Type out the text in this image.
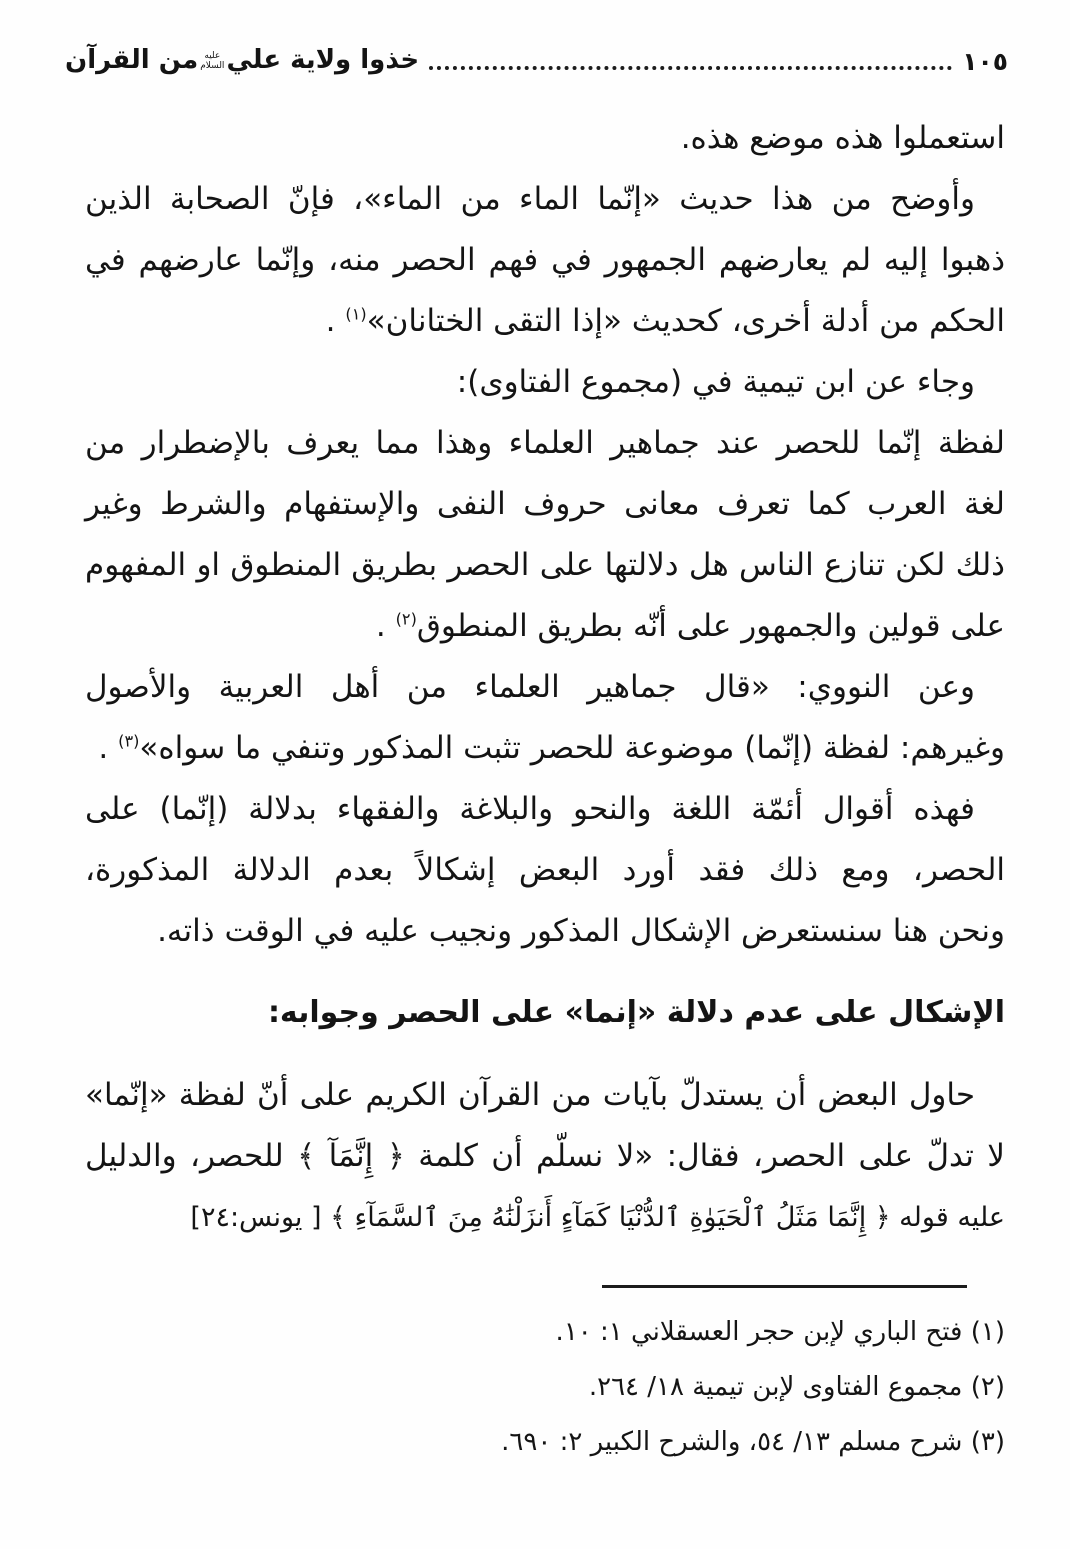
١٠٥
خذوا ولاية علي
عليه
السلام
من القرآن
استعملوا هذه موضع هذه.
وأوضح من هذا حديث «إنّما الماء من الماء»، فإنّ الصحابة الذين
ذهبوا إليه لم يعارضهم الجمهور في فهم الحصر منه، وإنّما عارضهم في
الحكم من أدلة أخرى، كحديث «إذا التقى الختانان»$^{(١)}$ .
وجاء عن ابن تيمية في (مجموع الفتاوى):
لفظة إنّما للحصر عند جماهير العلماء وهذا مما يعرف بالإضطرار من
لغة العرب كما تعرف معانى حروف النفى والإستفهام والشرط وغير
ذلك لكن تنازع الناس هل دلالتها على الحصر بطريق المنطوق او المفهوم
على قولين والجمهور على أنّه بطريق المنطوق$^{(٢)}$ .
وعن النووي: «قال جماهير العلماء من أهل العربية والأصول
وغيرهم: لفظة (إنّما) موضوعة للحصر تثبت المذكور وتنفي ما سواه»$^{(٣)}$ .
فهذه أقوال أئمّة اللغة والنحو والبلاغة والفقهاء بدلالة (إنّما) على
الحصر، ومع ذلك فقد أورد البعض إشكالاً بعدم الدلالة المذكورة،
ونحن هنا سنستعرض الإشكال المذكور ونجيب عليه في الوقت ذاته.
الإشكال على عدم دلالة «إنما» على الحصر وجوابه:
حاول البعض أن يستدلّ بآيات من القرآن الكريم على أنّ لفظة «إنّما»
لا تدلّ على الحصر، فقال: «لا نسلّم أن كلمة ﴿ إِنَّمَآ ﴾ للحصر، والدليل
عليه قوله ﴿ إِنَّمَا مَثَلُ ٱلْحَيَوٰةِ ٱلدُّنْيَا كَمَآءٍ أَنزَلْنَٰهُ مِنَ ٱلسَّمَآءِ ﴾ [ يونس:٢٤]
(١) فتح الباري لإبن حجر العسقلاني ١: ١٠.
(٢) مجموع الفتاوى لإبن تيمية ١٨/ ٢٦٤.
(٣) شرح مسلم ١٣/ ٥٤، والشرح الكبير ٢: ٦٩٠.
